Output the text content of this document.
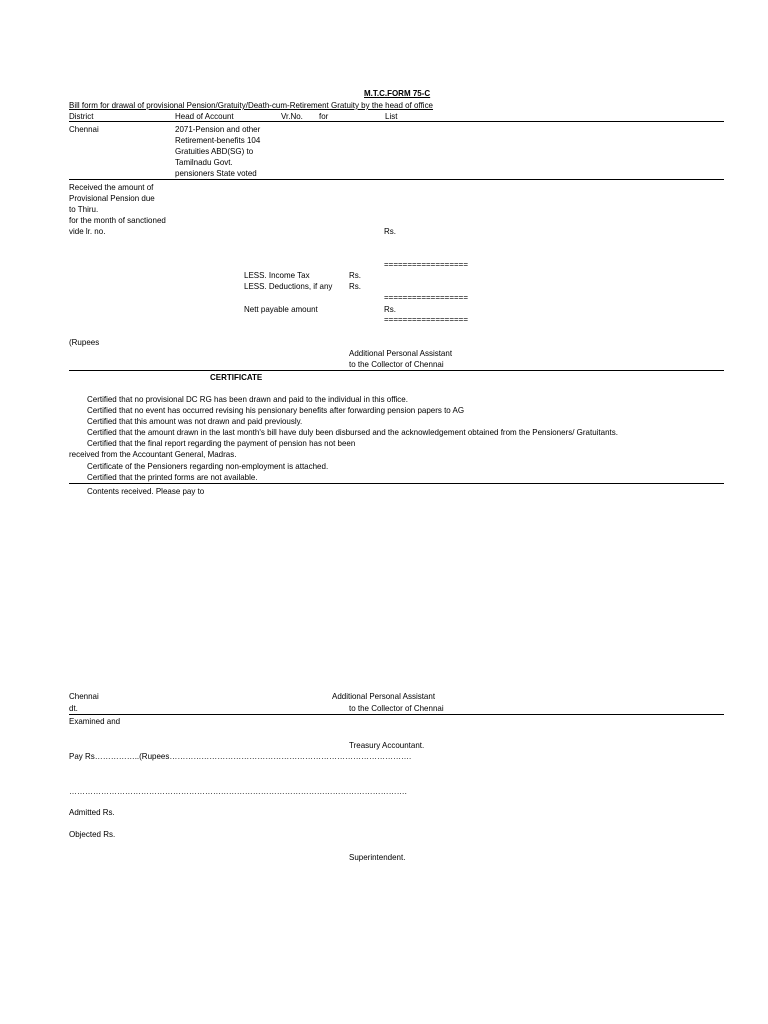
M.T.C.FORM 75-C
Bill form for drawal of provisional Pension/Gratuity/Death-cum-Retirement Gratuity by the head of office
District	Head of Account	Vr.No. for	List
Chennai	2071-Pension and other
Retirement-benefits 104
Gratuities ABD(SG) to
Tamilnadu Govt.
pensioners State voted
Received the amount of
Provisional Pension due
to Thiru.
for the month of sanctioned
vide lr. no.	Rs.
==================
LESS. Income Tax	Rs.
LESS. Deductions, if any Rs.
==================
Nett payable amount	Rs.
==================
(Rupees
Additional Personal Assistant
to the Collector of Chennai
CERTIFICATE
Certified that no provisional DC RG has been drawn and paid to the individual in this office.
Certified that no event has occurred revising his pensionary benefits after forwarding pension papers to AG
Certified that this amount was not drawn and paid previously.
Certified that the amount drawn in the last month's bill have duly been disbursed and the acknowledgement obtained from the Pensioners/ Gratuitants.
Certified that the final report regarding the payment of pension has not been
received from the Accountant General, Madras.
Certificate of the Pensioners regarding non-employment is attached.
Certified that the printed forms are not available.
Contents received. Please pay to
Chennai	Additional Personal Assistant
dt.	to the Collector of Chennai
Examined and
Treasury Accountant.
Pay Rs……………..(Rupees……………………………………………………………………………….
……………………………………………………………………………………………………………….
Admitted Rs.
Objected Rs.
Superintendent.
